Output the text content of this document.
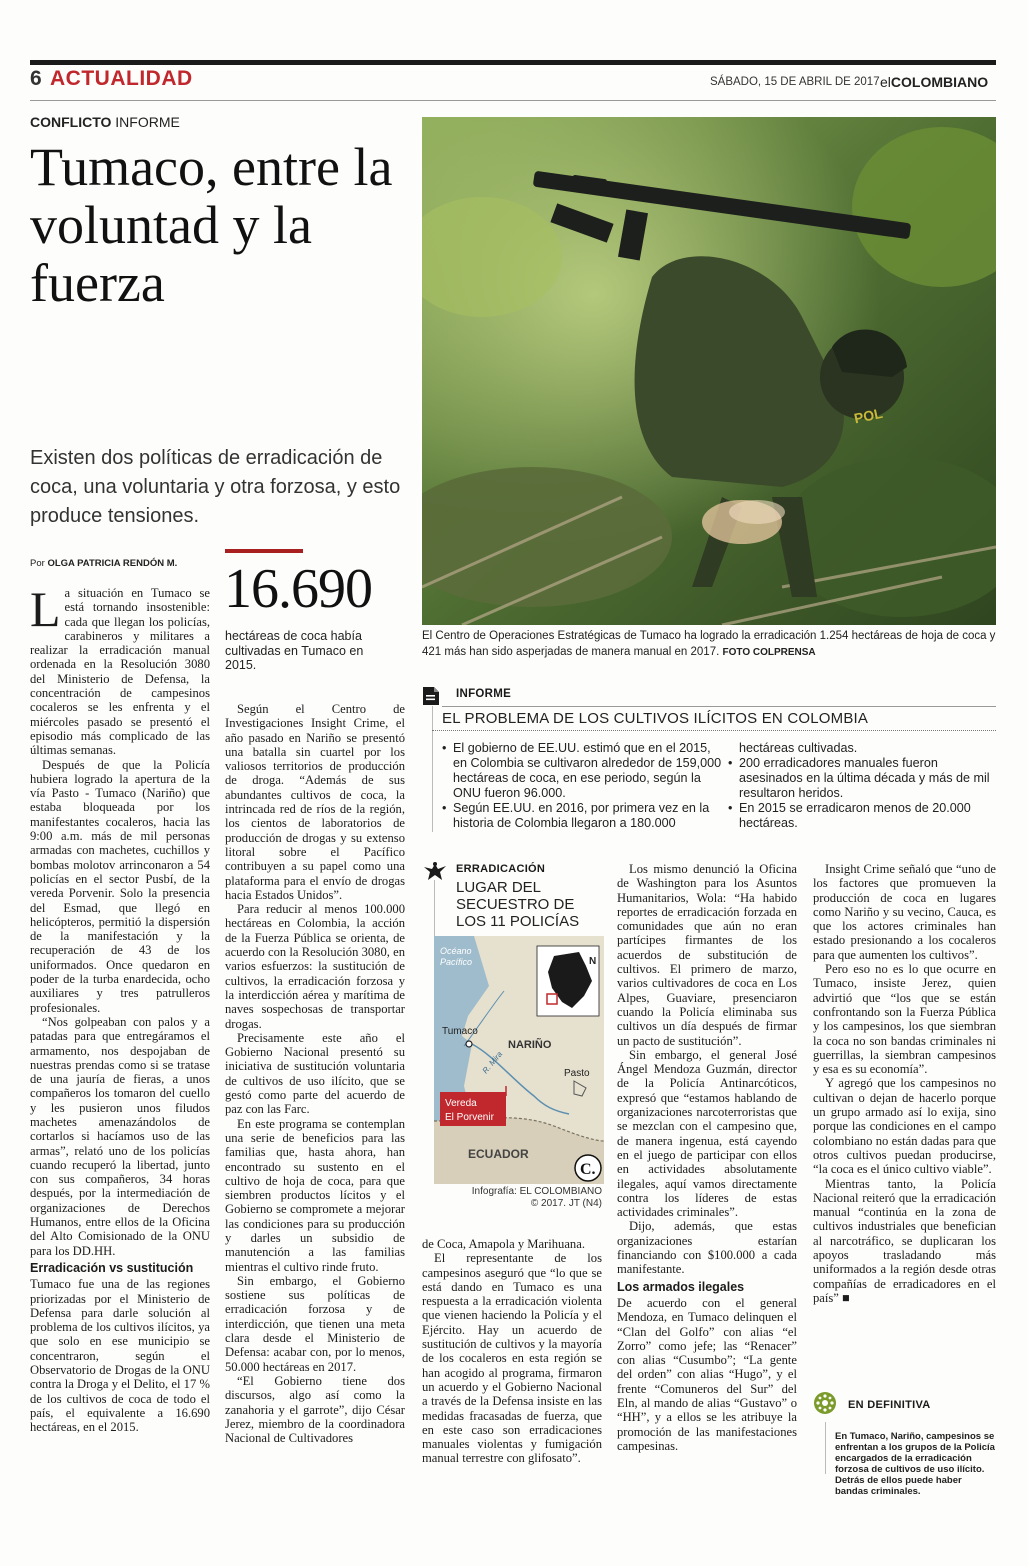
6 ACTUALIDAD	SÁBADO, 15 DE ABRIL DE 2017 elCOLOMBIANO
CONFLICTO INFORME
Tumaco, entre la voluntad y la fuerza
Existen dos políticas de erradicación de coca, una voluntaria y otra forzosa, y esto produce tensiones.
POL
El Centro de Operaciones Estratégicas de Tumaco ha logrado la erradicación 1.254 hectáreas de hoja de coca y 421 más han sido asperjadas de manera manual en 2017. FOTO COLPRENSA
Por OLGA PATRICIA RENDÓN M. 16.690
hectáreas de coca había cultivadas en Tumaco en 2015.

La situación en Tumaco se está tornando insostenible: cada que llegan los policías, carabineros y militares a realizar la erradicación manual ordenada en la Resolución 3080 del Ministerio de Defensa, la concentración de campesinos cocaleros se les enfrenta y el miércoles pasado se presentó el episodio más complicado de las últimas semanas.

Después de que la Policía hubiera logrado la apertura de la vía Pasto - Tumaco (Nariño) que estaba bloqueada por los manifestantes cocaleros, hacia las 9:00 a.m. más de mil personas armadas con machetes, cuchillos y bombas molotov arrinconaron a 54 policías en el sector Pusbí, de la vereda Porvenir. Solo la presencia del Esmad, que llegó en helicópteros, permitió la dispersión de la manifestación y la recuperación de 43 de los uniformados. Once quedaron en poder de la turba enardecida, ocho auxiliares y tres patrulleros profesionales.

“Nos golpeaban con palos y a patadas para que entregáramos el armamento, nos despojaban de nuestras prendas como si se tratase de una jauría de fieras, a unos compañeros los tomaron del cuello y les pusieron unos filudos machetes amenazándolos de cortarlos si hacíamos uso de las armas”, relató uno de los policías cuando recuperó la libertad, junto con sus compañeros, 34 horas después, por la intermediación de organizaciones de Derechos Humanos, entre ellos de la Oficina del Alto Comisionado de la ONU para los DD.HH.

Erradicación vs sustitución

Tumaco fue una de las regiones priorizadas por el Ministerio de Defensa para darle solución al problema de los cultivos ilícitos, ya que solo en ese municipio se concentraron, según el Observatorio de Drogas de la ONU contra la Droga y el Delito, el 17 % de los cultivos de coca de todo el país, el equivalente a 16.690 hectáreas, en el 2015.

Según el Centro de Investigaciones Insight Crime, el año pasado en Nariño se presentó una batalla sin cuartel por los valiosos territorios de producción de droga. “Además de sus abundantes cultivos de coca, la intrincada red de ríos de la región, los cientos de laboratorios de producción de drogas y su extenso litoral sobre el Pacífico contribuyen a su papel como una plataforma para el envío de drogas hacia Estados Unidos”.

Para reducir al menos 100.000 hectáreas en Colombia, la acción de la Fuerza Pública se orienta, de acuerdo con la Resolución 3080, en varios esfuerzos: la sustitución de cultivos, la erradicación forzosa y la interdicción aérea y marítima de naves sospechosas de transportar drogas.

Precisamente este año el Gobierno Nacional presentó su iniciativa de sustitución voluntaria de cultivos de uso ilícito, que se gestó como parte del acuerdo de paz con las Farc.

En este programa se contemplan una serie de beneficios para las familias que, hasta ahora, han encontrado su sustento en el cultivo de hoja de coca, para que siembren productos lícitos y el Gobierno se compromete a mejorar las condiciones para su producción y darles un subsidio de manutención a las familias mientras el cultivo rinde fruto.

Sin embargo, el Gobierno sostiene sus políticas de erradicación forzosa y de interdicción, que tienen una meta clara desde el Ministerio de Defensa: acabar con, por lo menos, 50.000 hectáreas en 2017.

“El Gobierno tiene dos discursos, algo así como la zanahoria y el garrote”, dijo César Jerez, miembro de la coordinadora Nacional de Cultivadores

INFORME
EL PROBLEMA DE LOS CULTIVOS ILÍCITOS EN COLOMBIA
• El gobierno de EE.UU. estimó que en el 2015, en Colombia se cultivaron alrededor de 159,000 hectáreas de coca, en ese periodo, según la ONU fueron 96.000.
• Según EE.UU. en 2016, por primera vez en la historia de Colombia llegaron a 180.000
hectáreas cultivadas.
• 200 erradicadores manuales fueron asesinados en la última década y más de mil resultaron heridos.
• En 2015 se erradicaron menos de 20.000 hectáreas.
ERRADICACIÓN
LUGAR DEL SECUESTRO DE LOS 11 POLICÍAS
N
Océano
Pacífico
Tumaco
NARIÑO
R. Mira	Pasto
Vereda
El Porvenir
ECUADOR
C.
Infografía: EL COLOMBIANO
© 2017. JT (N4)

de Coca, Amapola y Marihuana.

El representante de los campesinos aseguró que “lo que se está dando en Tumaco es una respuesta a la erradicación violenta que vienen haciendo la Policía y el Ejército. Hay un acuerdo de sustitución de cultivos y la mayoría de los cocaleros en esta región se han acogido al programa, firmaron un acuerdo y el Gobierno Nacional a través de la Defensa insiste en las medidas fracasadas de fuerza, que en este caso son erradicaciones manuales violentas y fumigación manual terrestre con glifosato”.

Los mismo denunció la Oficina de Washington para los Asuntos Humanitarios, Wola: “Ha habido reportes de erradicación forzada en comunidades que aún no eran partícipes firmantes de los acuerdos de substitución de cultivos. El primero de marzo, varios cultivadores de coca en Los Alpes, Guaviare, presenciaron cuando la Policía eliminaba sus cultivos un día después de firmar un pacto de sustitución”.

Sin embargo, el general José Ángel Mendoza Guzmán, director de la Policía Antinarcóticos, expresó que “estamos hablando de organizaciones narcoterroristas que se mezclan con el campesino que, de manera ingenua, está cayendo en el juego de participar con ellos en actividades absolutamente ilegales, aquí vamos directamente contra los líderes de estas actividades criminales”.

Dijo, además, que estas organizaciones estarían financiando con $100.000 a cada manifestante.

Los armados ilegales

De acuerdo con el general Mendoza, en Tumaco delinquen el “Clan del Golfo” con alias “el Zorro” como jefe; las “Renacer” con alias “Cusumbo”; “La gente del orden” con alias “Hugo”, y el frente “Comuneros del Sur” del Eln, al mando de alias “Gustavo” o “HH”, y a ellos se les atribuye la promoción de las manifestaciones campesinas.

Insight Crime señaló que “uno de los factores que promueven la producción de coca en lugares como Nariño y su vecino, Cauca, es que los actores criminales han estado presionando a los cocaleros para que aumenten los cultivos”.

Pero eso no es lo que ocurre en Tumaco, insiste Jerez, quien advirtió que “los que se están confrontando son la Fuerza Pública y los campesinos, los que siembran la coca no son bandas criminales ni guerrillas, la siembran campesinos y esa es su economía”.

Y agregó que los campesinos no cultivan o dejan de hacerlo porque un grupo armado así lo exija, sino porque las condiciones en el campo colombiano no están dadas para que otros cultivos puedan producirse, “la coca es el único cultivo viable”.

Mientras tanto, la Policía Nacional reiteró que la erradicación manual “continúa en la zona de cultivos industriales que benefician al narcotráfico, se duplicaran los apoyos trasladando más uniformados a la región desde otras compañías de erradicadores en el país” ■

EN DEFINITIVA
En Tumaco, Nariño, campesinos se enfrentan a los grupos de la Policía encargados de la erradicación forzosa de cultivos de uso ilícito. Detrás de ellos puede haber bandas criminales.
